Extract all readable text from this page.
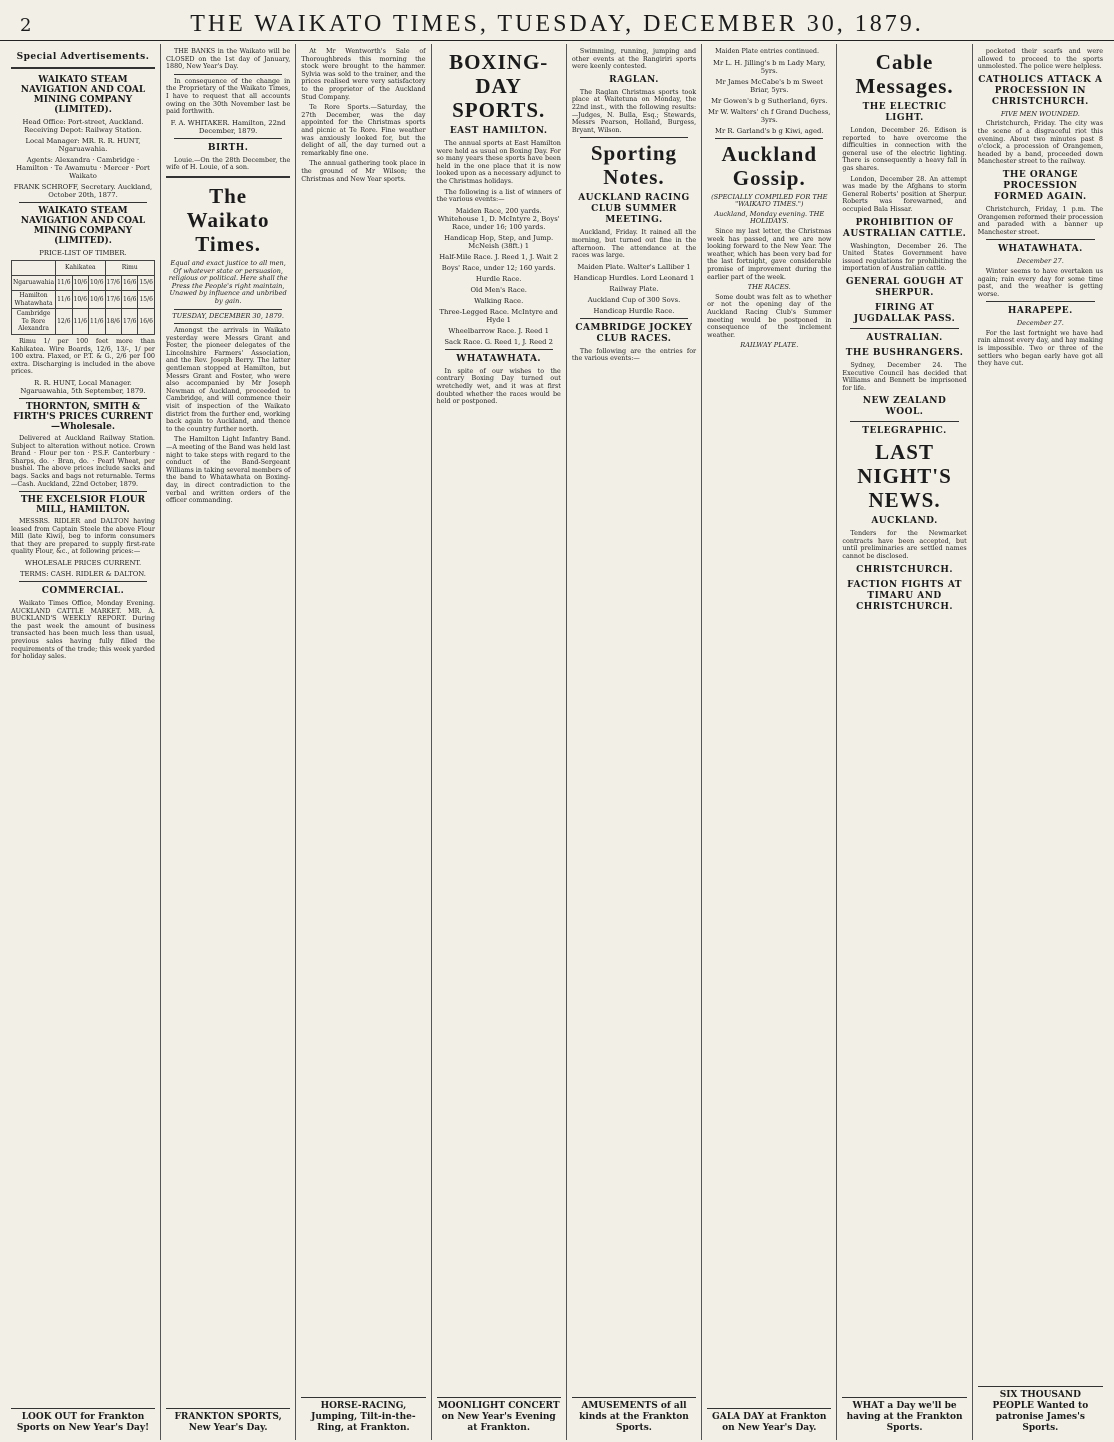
2	THE WAIKATO TIMES, TUESDAY, DECEMBER 30, 1879.
Special Advertisements.
WAIKATO STEAM NAVIGATION AND COAL MINING COMPANY (LIMITED).
Head Office: Port-street, Auckland. Receiving Depot: Railway Station.
Local Manager: MR. R. R. HUNT, Ngaruawahia.
Agents: Alexandra · Cambridge · Hamilton · Te Awamutu · Mercer · Port Waikato
FRANK SCHROFF, Secretary. Auckland, October 20th, 1877.
WAIKATO STEAM NAVIGATION AND COAL MINING COMPANY (LIMITED).
PRICE-LIST OF TIMBER.
	Kahikatea			Rimu		
Ngaruawahia	11/6	10/6	10/6	17/6	16/6	15/6
Hamilton Whatawhata	11/6	10/6	10/6	17/6	16/6	15/6
Cambridge Te Rore Alexandra	12/6	11/6	11/6	18/6	17/6	16/6

Rimu 1/ per 100 feet more than Kahikatea. Wire Boards, 12/6, 13/-, 1/ per 100 extra. Flaxed, or P.T. & G., 2/6 per 100 extra. Discharging is included in the above prices.

R. R. HUNT, Local Manager. Ngaruawahia, 5th September, 1879.
THORNTON, SMITH & FIRTH'S PRICES CURRENT—Wholesale.

Delivered at Auckland Railway Station. Subject to alteration without notice. Crown Brand · Flour per ton · P.S.F. Canterbury · Sharps, do. · Bran, do. · Pearl Wheat, per bushel. The above prices include sacks and bags. Sacks and bags not returnable. Terms—Cash. Auckland, 22nd October, 1879.

THE EXCELSIOR FLOUR MILL, HAMILTON.

MESSRS. RIDLER and DALTON having leased from Captain Steele the above Flour Mill (late Kiwi), beg to inform consumers that they are prepared to supply first-rate quality Flour, &c., at following prices:—

WHOLESALE PRICES CURRENT.
TERMS: CASH. RIDLER & DALTON.
COMMERCIAL.

Waikato Times Office, Monday Evening. AUCKLAND CATTLE MARKET. MR. A. BUCKLAND'S WEEKLY REPORT. During the past week the amount of business transacted has been much less than usual, previous sales having fully filled the requirements of the trade; this week yarded for holiday sales.

LOOK OUT for Frankton Sports on New Year's Day!

THE BANKS in the Waikato will be CLOSED on the 1st day of January, 1880, New Year's Day.

In consequence of the change in the Proprietary of the Waikato Times, I have to request that all accounts owing on the 30th November last be paid forthwith.

F. A. WHITAKER. Hamilton, 22nd December, 1879.
BIRTH.

Louie.—On the 28th December, the wife of H. Louie, of a son.

The Waikato Times.
Equal and exact justice to all men, Of whatever state or persuasion, religious or political. Here shall the Press the People's right maintain, Unawed by influence and unbribed by gain.
TUESDAY, DECEMBER 30, 1879.

Amongst the arrivals in Waikato yesterday were Messrs Grant and Foster, the pioneer delegates of the Lincolnshire Farmers' Association, and the Rev. Joseph Berry. The latter gentleman stopped at Hamilton, but Messrs Grant and Foster, who were also accompanied by Mr Joseph Newman of Auckland, proceeded to Cambridge, and will commence their visit of inspection of the Waikato district from the further end, working back again to Auckland, and thence to the country further north.

The Hamilton Light Infantry Band.—A meeting of the Band was held last night to take steps with regard to the conduct of the Band-Sergeant Williams in taking several members of the band to Whatawhata on Boxing-day, in direct contradiction to the verbal and written orders of the officer commanding.

FRANKTON SPORTS, New Year's Day.

At Mr Wentworth's Sale of Thoroughbreds this morning the stock were brought to the hammer. Sylvia was sold to the trainer, and the prices realised were very satisfactory to the proprietor of the Auckland Stud Company.

Te Rore Sports.—Saturday, the 27th December, was the day appointed for the Christmas sports and picnic at Te Rore. Fine weather was anxiously looked for, but the delight of all, the day turned out a remarkably fine one.

The annual gathering took place in the ground of Mr Wilson; the Christmas and New Year sports.

HORSE-RACING, Jumping, Tilt-in-the-Ring, at Frankton.
BOXING-DAY SPORTS.
EAST HAMILTON.

The annual sports at East Hamilton were held as usual on Boxing Day. For so many years these sports have been held in the one place that it is now looked upon as a necessary adjunct to the Christmas holidays.

The following is a list of winners of the various events:—

Maiden Race, 200 yards. Whitehouse 1, D. McIntyre 2, Boys' Race, under 16; 100 yards.
Handicap Hop, Step, and Jump. McNeish (38ft.) 1
Half-Mile Race. J. Reed 1, J. Wait 2
Boys' Race, under 12; 160 yards.
Hurdle Race.
Old Men's Race.
Walking Race.
Three-Legged Race. McIntyre and Hyde 1
Wheelbarrow Race. J. Reed 1
Sack Race. G. Reed 1, J. Reed 2
WHATAWHATA.

In spite of our wishes to the contrary Boxing Day turned out wretchedly wet, and it was at first doubted whether the races would be held or postponed.

MOONLIGHT CONCERT on New Year's Evening at Frankton.

Swimming, running, jumping and other events at the Rangiriri sports were keenly contested.

RAGLAN.

The Raglan Christmas sports took place at Waitetuna on Monday, the 22nd inst., with the following results:—Judges, N. Bulla, Esq.; Stewards, Messrs Pearson, Holland, Burgess, Bryant, Wilson.

Sporting Notes.
AUCKLAND RACING CLUB SUMMER MEETING.

Auckland, Friday. It rained all the morning, but turned out fine in the afternoon. The attendance at the races was large.

Maiden Plate. Walter's Lalliber 1
Handicap Hurdles. Lord Leonard 1
Railway Plate.
Auckland Cup of 300 Sovs.
Handicap Hurdle Race.
CAMBRIDGE JOCKEY CLUB RACES.

The following are the entries for the various events:—

AMUSEMENTS of all kinds at the Frankton Sports.

Maiden Plate entries continued.

Mr L. H. Jilling's b m Lady Mary, 5yrs.
Mr James McCabe's b m Sweet Briar, 5yrs.
Mr Gowen's b g Sutherland, 6yrs.
Mr W. Walters' ch f Grand Duchess, 3yrs.
Mr R. Garland's b g Kiwi, aged.
Auckland Gossip.
(SPECIALLY COMPILED FOR THE "WAIKATO TIMES.")
Auckland, Monday evening. THE HOLIDAYS.

Since my last letter, the Christmas week has passed, and we are now looking forward to the New Year. The weather, which has been very bad for the last fortnight, gave considerable promise of improvement during the earlier part of the week.

THE RACES.

Some doubt was felt as to whether or not the opening day of the Auckland Racing Club's Summer meeting would be postponed in consequence of the inclement weather.

RAILWAY PLATE.
GALA DAY at Frankton on New Year's Day.
Cable Messages.
THE ELECTRIC LIGHT.

London, December 26. Edison is reported to have overcome the difficulties in connection with the general use of the electric lighting. There is consequently a heavy fall in gas shares.

London, December 28. An attempt was made by the Afghans to storm General Roberts' position at Sherpur. Roberts was forewarned, and occupied Bala Hissar.

PROHIBITION OF AUSTRALIAN CATTLE.

Washington, December 26. The United States Government have issued regulations for prohibiting the importation of Australian cattle.

GENERAL GOUGH AT SHERPUR.
FIRING AT JUGDALLAK PASS.
AUSTRALIAN.
THE BUSHRANGERS.

Sydney, December 24. The Executive Council has decided that Williams and Bennett be imprisoned for life.

NEW ZEALAND WOOL.
TELEGRAPHIC.
LAST NIGHT'S NEWS.
AUCKLAND.

Tenders for the Newmarket contracts have been accepted, but until preliminaries are settled names cannot be disclosed.

CHRISTCHURCH.
FACTION FIGHTS AT TIMARU AND CHRISTCHURCH.
WHAT a Day we'll be having at the Frankton Sports.

pocketed their scarfs and were allowed to proceed to the sports unmolested. The police were helpless.

CATHOLICS ATTACK A PROCESSION IN CHRISTCHURCH.
FIVE MEN WOUNDED.

Christchurch, Friday. The city was the scene of a disgraceful riot this evening. About two minutes past 8 o'clock, a procession of Orangemen, headed by a band, proceeded down Manchester street to the railway.

THE ORANGE PROCESSION FORMED AGAIN.

Christchurch, Friday, 1 p.m. The Orangemen reformed their procession and paraded with a banner up Manchester street.

WHATAWHATA.
December 27.

Winter seems to have overtaken us again; rain every day for some time past, and the weather is getting worse.

HARAPEPE.
December 27.

For the last fortnight we have had rain almost every day, and hay making is impossible. Two or three of the settlers who began early have got all they have cut.

SIX THOUSAND PEOPLE Wanted to patronise James's Sports.
